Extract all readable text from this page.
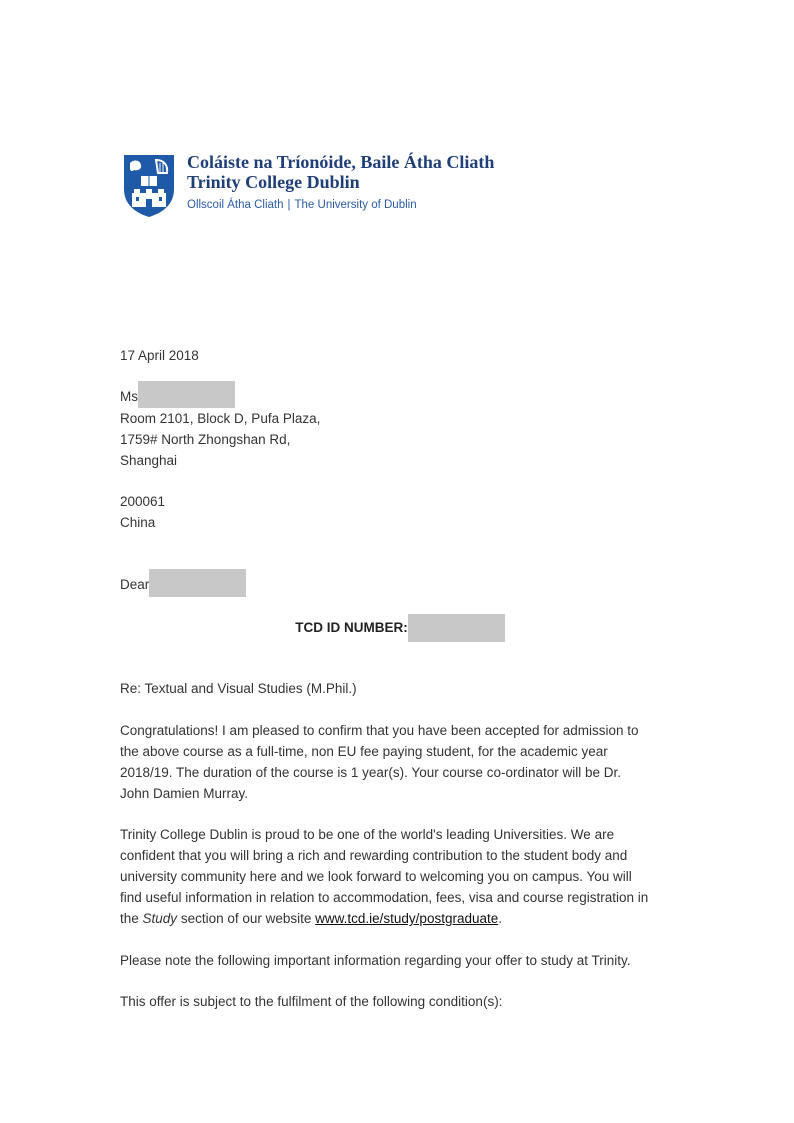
Coláiste na Tríonóide, Baile Átha Cliath
Trinity College Dublin
Ollscoil Átha Cliath | The University of Dublin
17 April 2018
Ms
Room 2101, Block D, Pufa Plaza,
1759# North Zhongshan Rd,
Shanghai
200061
China
Dear
TCD ID NUMBER:
Re: Textual and Visual Studies (M.Phil.)
Congratulations! I am pleased to confirm that you have been accepted for admission to
the above course as a full-time, non EU fee paying student, for the academic year
2018/19. The duration of the course is 1 year(s). Your course co-ordinator will be Dr.
John Damien Murray.
Trinity College Dublin is proud to be one of the world's leading Universities. We are
confident that you will bring a rich and rewarding contribution to the student body and
university community here and we look forward to welcoming you on campus. You will
find useful information in relation to accommodation, fees, visa and course registration in
the Study section of our website www.tcd.ie/study/postgraduate.
Please note the following important information regarding your offer to study at Trinity.
This offer is subject to the fulfilment of the following condition(s):
